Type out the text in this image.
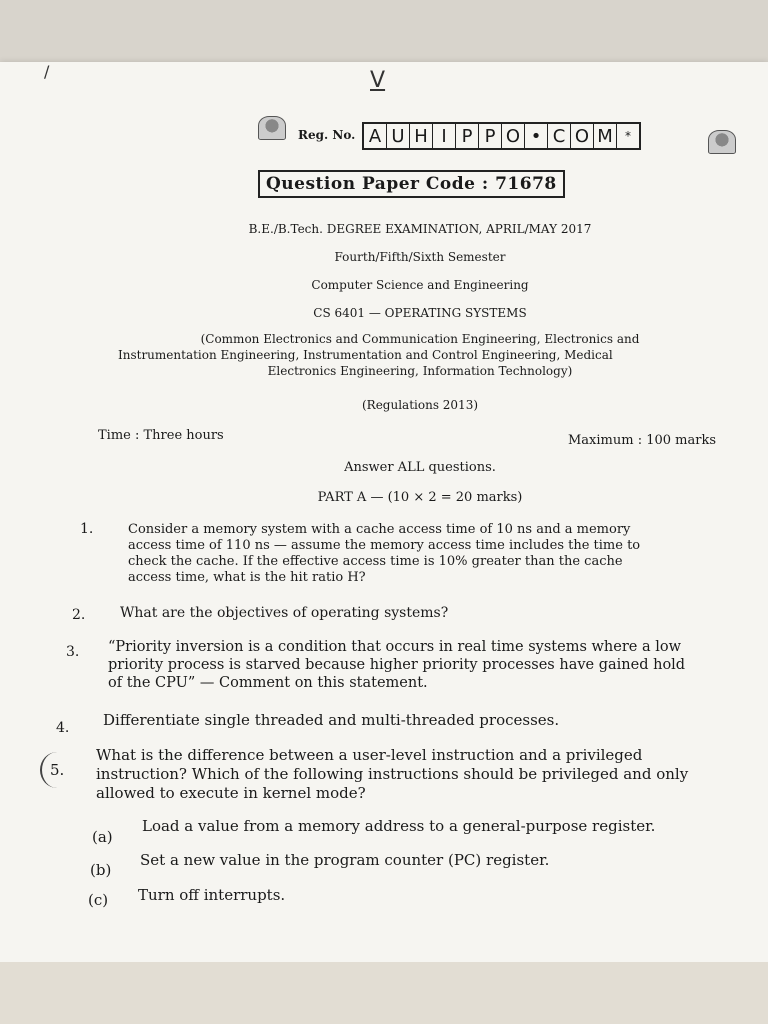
/	V
Reg. No. A U H I P P O • C O M	*
Question Paper Code : 71678
B.E./B.Tech. DEGREE EXAMINATION, APRIL/MAY 2017
Fourth/Fifth/Sixth Semester
Computer Science and Engineering
CS 6401 — OPERATING SYSTEMS
(Common Electronics and Communication Engineering, Electronics and
Instrumentation Engineering, Instrumentation and Control Engineering, Medical
Electronics Engineering, Information Technology)
(Regulations 2013)
Time : Three hours	Maximum : 100 marks
Answer ALL questions.
PART A — (10 × 2 = 20 marks)
1.	Consider a memory system with a cache access time of 10 ns and a memory
access time of 110 ns — assume the memory access time includes the time to
check the cache. If the effective access time is 10% greater than the cache
access time, what is the hit ratio H?
2. What are the objectives of operating systems?
3. “Priority inversion is a condition that occurs in real time systems where a low
priority process is starved because higher priority processes have gained hold
of the CPU” — Comment on this statement.
4. Differentiate single threaded and multi-threaded processes.
5.
What is the difference between a user-level instruction and a privileged
instruction? Which of the following instructions should be privileged and only
allowed to execute in kernel mode?
(a)
Load a value from a memory address to a general-purpose register.
(b)
Set a new value in the program counter (PC) register.
(c) Turn off interrupts.
